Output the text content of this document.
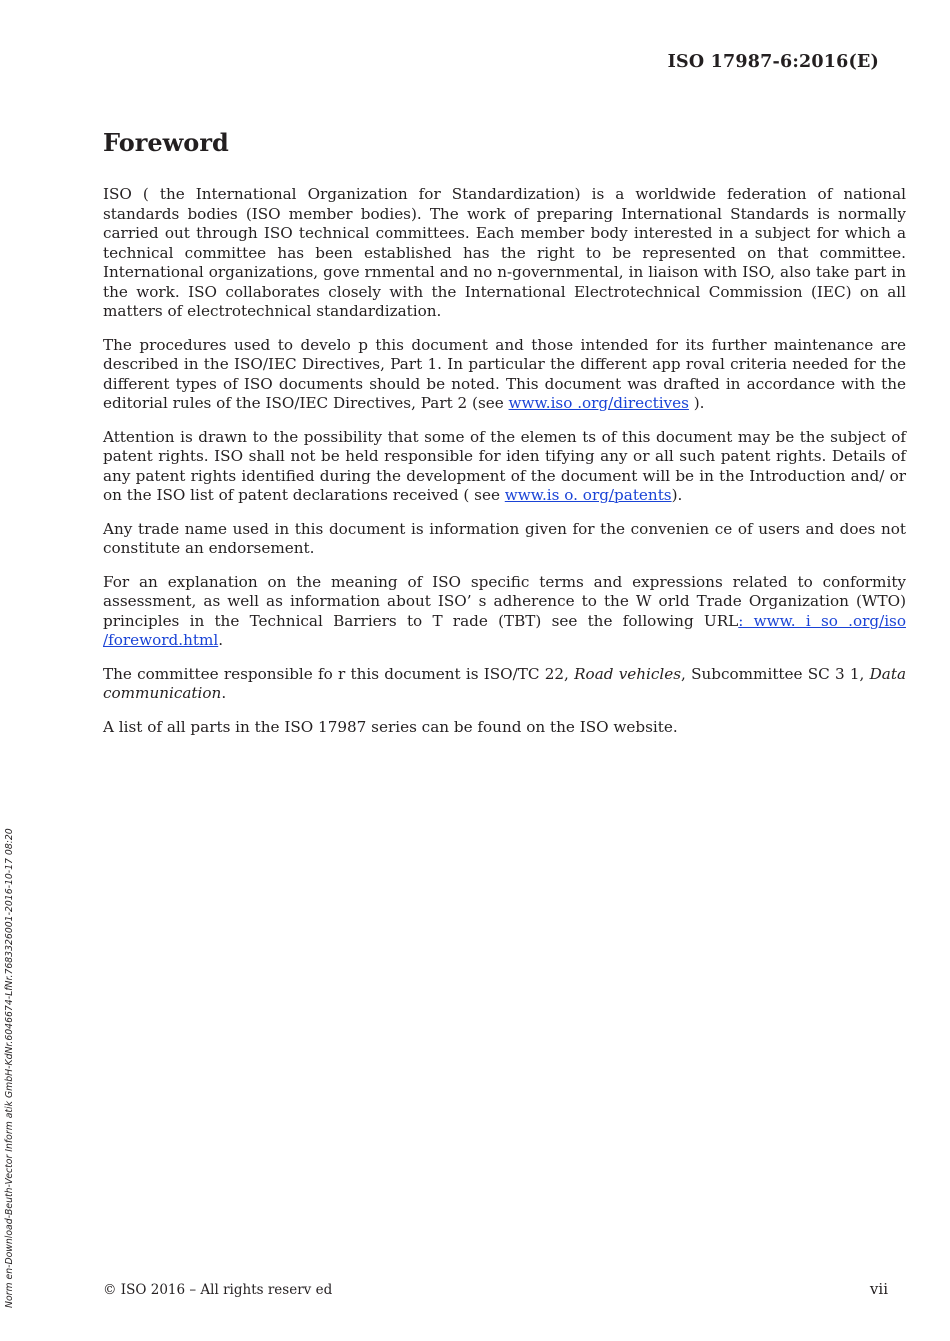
ISO 17987-6:2016(E)
Foreword

ISO ( the International Organization for Standardization) is a worldwide federation of national standards bodies (ISO member bodies). The work of preparing International Standards is normally carried out through ISO technical committees. Each member body interested in a subject for which a technical committee has been established has the right to be represented on that committee. International organizations, gove rnmental and no n-governmental, in liaison with ISO, also take part in the work. ISO collaborates closely with the International Electrotechnical Commission (IEC) on all matters of electrotechnical standardization.

The procedures used to develo p this document and those intended for its further maintenance are described in the ISO/IEC Directives, Part 1. In particular the different app roval criteria needed for the different types of ISO documents should be noted. This document was drafted in accordance with the editorial rules of the ISO/IEC Directives, Part 2 (see www.iso .org/directives ).

Attention is drawn to the possibility that some of the elemen ts of this document may be the subject of patent rights. ISO shall not be held responsible for iden tifying any or all such patent rights. Details of any patent rights identified during the development of the document will be in the Introduction and/ or on the ISO list of patent declarations received ( see www.is o. org/patents).

Any trade name used in this document is information given for the convenien ce of users and does not constitute an endorsement.

For an explanation on the meaning of ISO specific terms and expressions related to conformity assessment, as well as information about ISO’ s adherence to the W orld Trade Organization (WTO) principles in the Technical Barriers to T rade (TBT) see the following URL: www. i so .org/iso /foreword.html.

The committee responsible fo r this document is ISO/TC 22, Road vehicles, Subcommittee SC 3 1, Data communication.

A list of all parts in the ISO 17987 series can be found on the ISO website.

Norm en-Download-Beuth-Vector Inform atik GmbH-KdNr.6046674-LfNr.7683326001-2016-10-17 08:20	© ISO 2016 – All rights reserv ed	vii
